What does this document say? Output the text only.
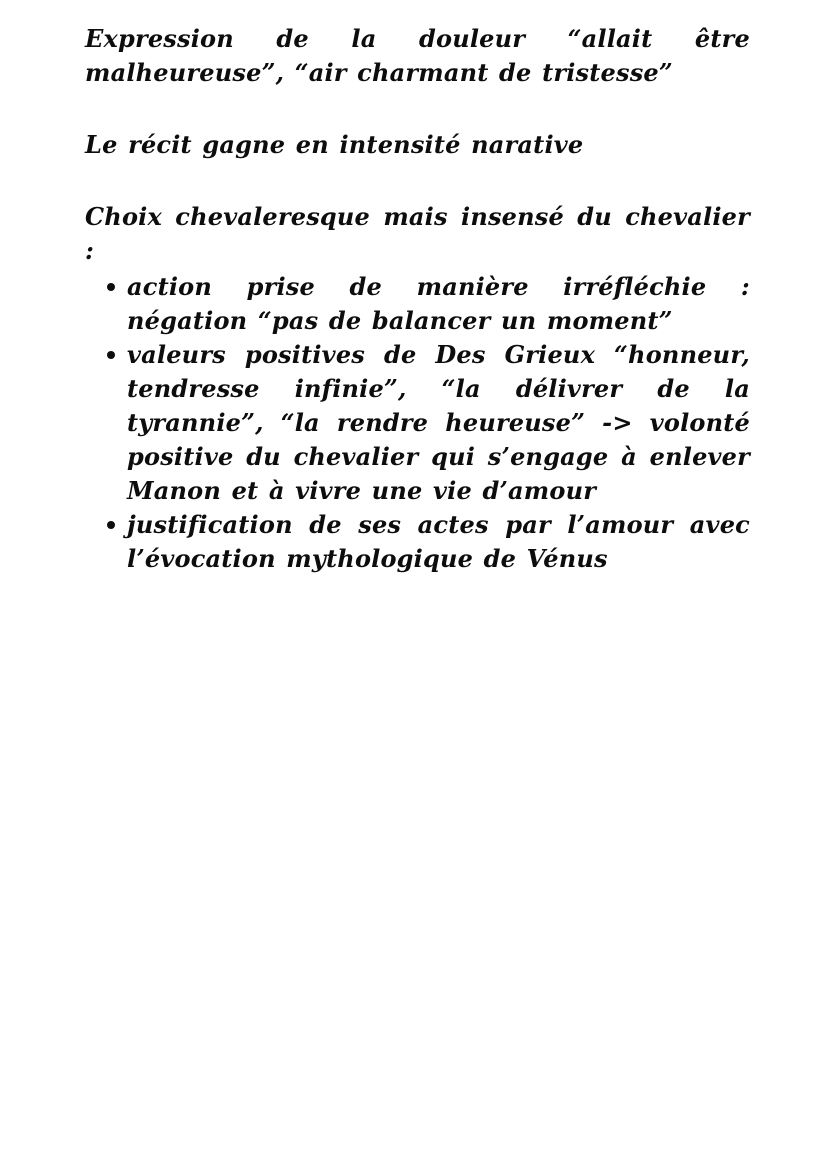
Expression de la douleur “allait être malheureuse”, “air charmant de tristesse”

Le récit gagne en intensité narative

Choix chevaleresque mais insensé du chevalier :

action prise de manière irréfléchie : négation “pas de balancer un moment”
valeurs positives de Des Grieux “honneur, tendresse infinie”, “la délivrer de la tyrannie”, “la rendre heureuse” -> volonté positive du chevalier qui s’engage à enlever Manon et à vivre une vie d’amour
justification de ses actes par l’amour avec l’évocation mythologique de Vénus
